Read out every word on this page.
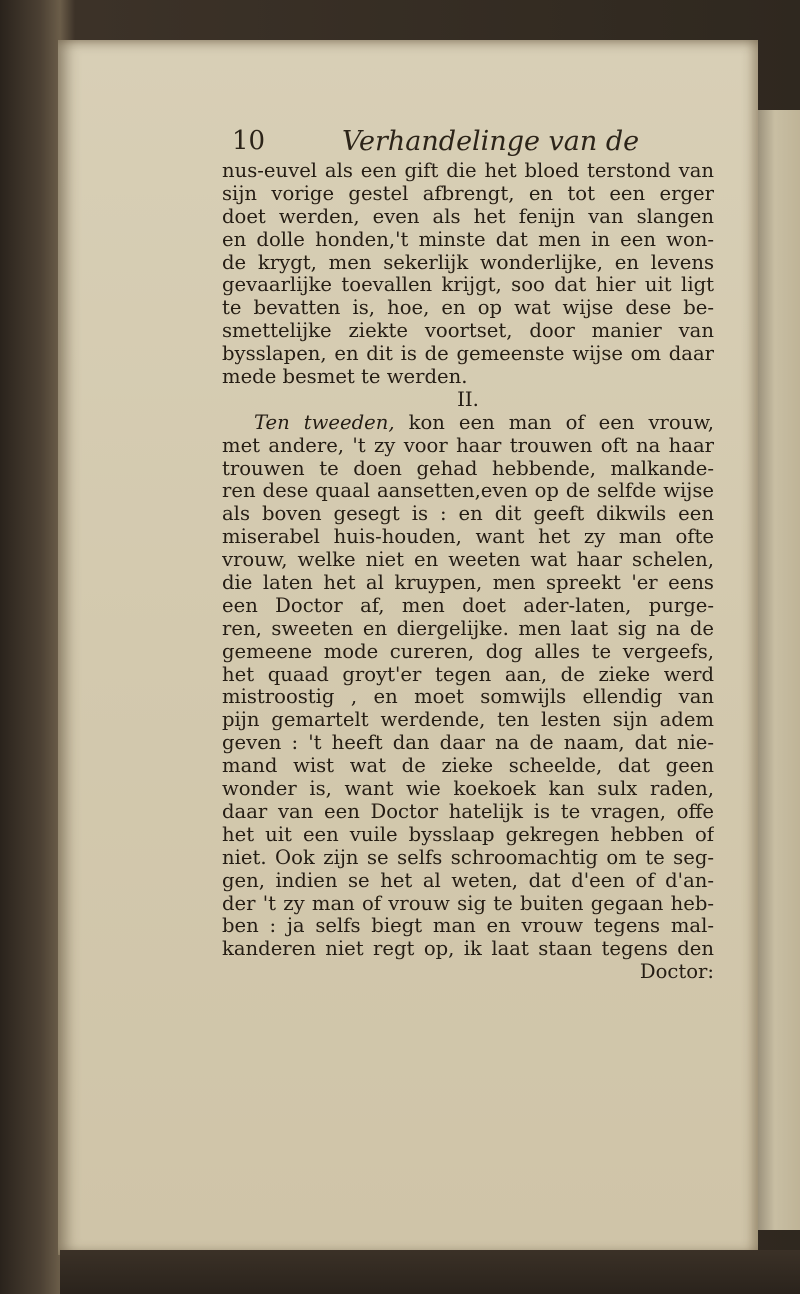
10	Verhandelinge van de
nus-euvel als een gift die het bloed terstond van
sijn vorige gestel afbrengt, en tot een erger
doet werden, even als het fenijn van slangen
en dolle honden,'t minste dat men in een won-
de krygt, men sekerlijk wonderlijke, en levens
gevaarlijke toevallen krijgt, soo dat hier uit ligt
te bevatten is, hoe, en op wat wijse dese be-
smettelijke ziekte voortset, door manier van
bysslapen, en dit is de gemeenste wijse om daar
mede besmet te werden.
II.
Ten tweeden, kon een man of een vrouw,
met andere, 't zy voor haar trouwen oft na haar
trouwen te doen gehad hebbende, malkande-
ren dese quaal aansetten,even op de selfde wijse
als boven gesegt is : en dit geeft dikwils een
miserabel huis-houden, want het zy man ofte
vrouw, welke niet en weeten wat haar schelen,
die laten het al kruypen, men spreekt 'er eens
een Doctor af, men doet ader-laten, purge-
ren, sweeten en diergelijke. men laat sig na de
gemeene mode cureren, dog alles te vergeefs,
het quaad groyt'er tegen aan, de zieke werd
mistroostig , en moet somwijls ellendig van
pijn gemartelt werdende, ten lesten sijn adem
geven : 't heeft dan daar na de naam, dat nie-
mand wist wat de zieke scheelde, dat geen
wonder is, want wie koekoek kan sulx raden,
daar van een Doctor hatelijk is te vragen, offe
het uit een vuile bysslaap gekregen hebben of
niet. Ook zijn se selfs schroomachtig om te seg-
gen, indien se het al weten, dat d'een of d'an-
der 't zy man of vrouw sig te buiten gegaan heb-
ben : ja selfs biegt man en vrouw tegens mal-
kanderen niet regt op, ik laat staan tegens den
Doctor:
